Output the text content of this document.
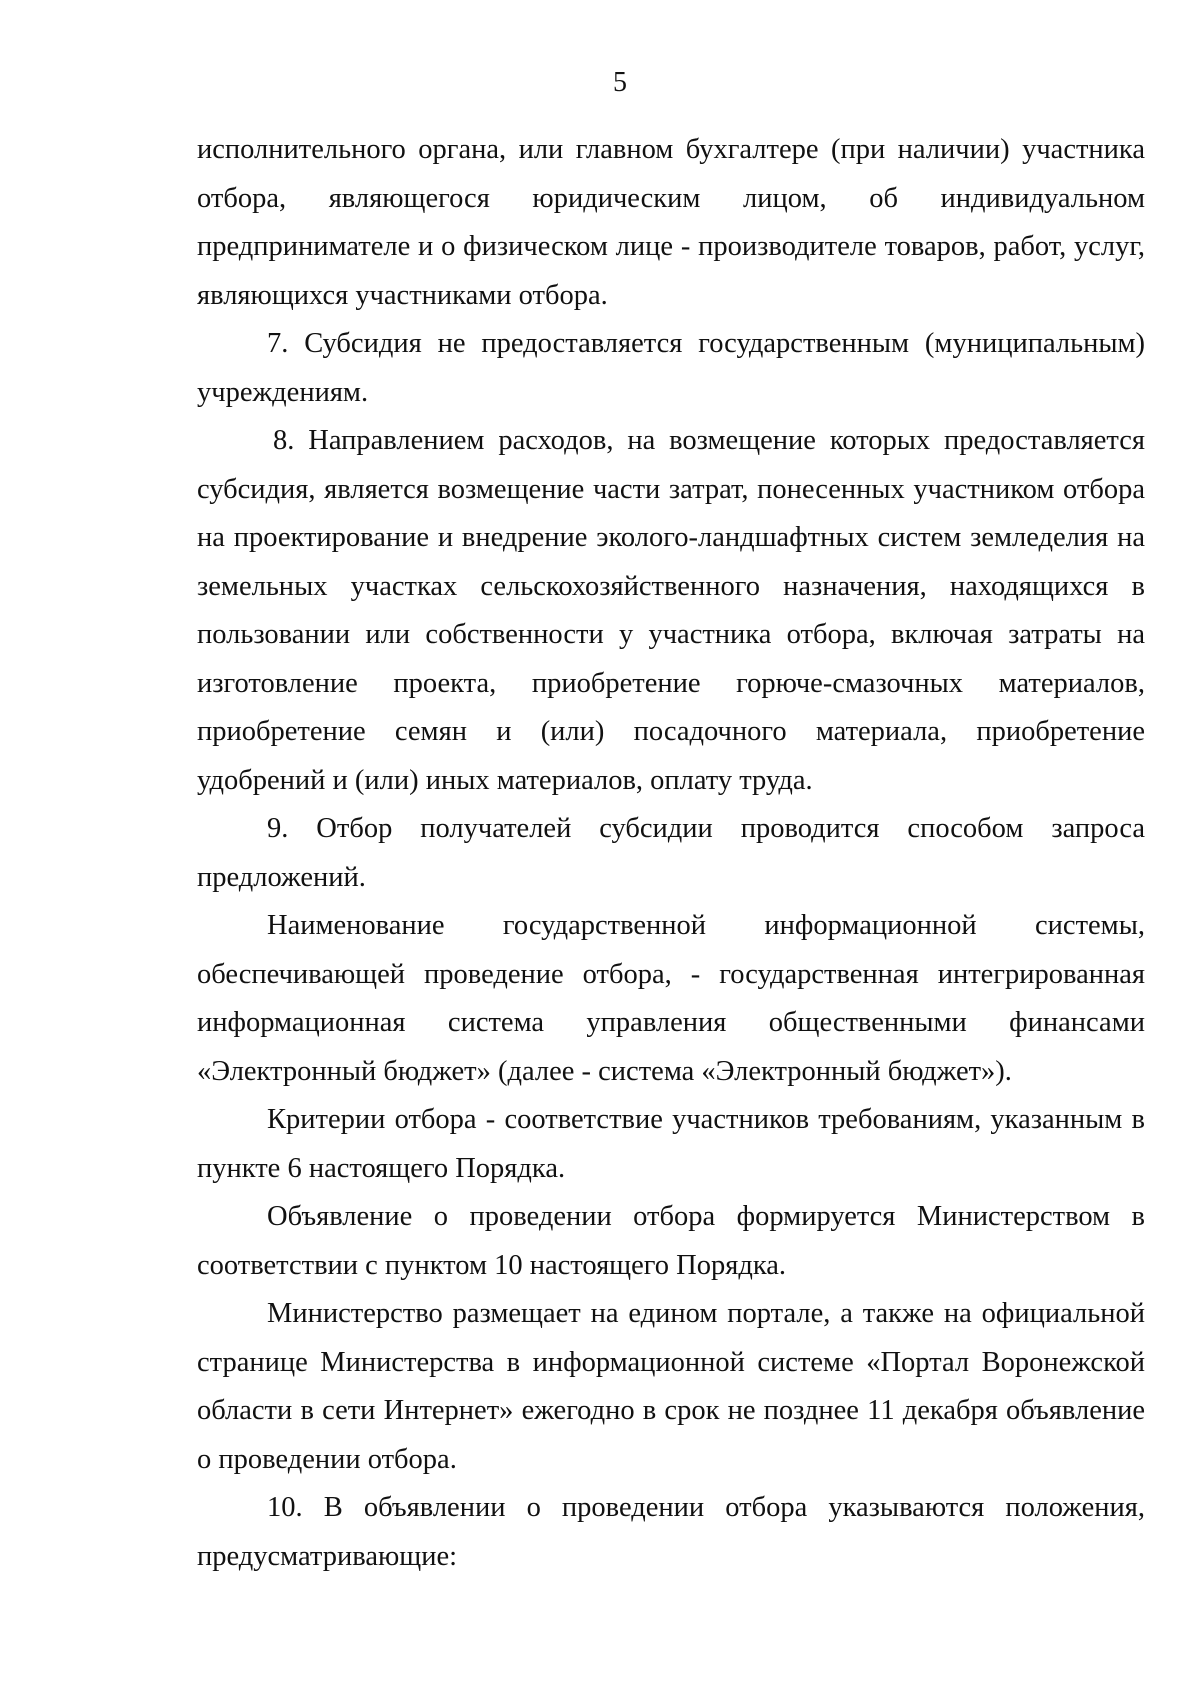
5

исполнительного органа, или главном бухгалтере (при наличии) участника отбора, являющегося юридическим лицом, об индивидуальном предпринимателе и о физическом лице - производителе товаров, работ, услуг, являющихся участниками отбора.

7. Субсидия не предоставляется государственным (муниципальным) учреждениям.

8. Направлением расходов, на возмещение которых предоставляется субсидия, является возмещение части затрат, понесенных участником отбора на проектирование и внедрение эколого-ландшафтных систем земледелия на земельных участках сельскохозяйственного назначения, находящихся в пользовании или собственности у участника отбора, включая затраты на изготовление проекта, приобретение горюче-смазочных материалов, приобретение семян и (или) посадочного материала, приобретение удобрений и (или) иных материалов, оплату труда.

9. Отбор получателей субсидии проводится способом запроса предложений.

Наименование государственной информационной системы, обеспечивающей проведение отбора, - государственная интегрированная информационная система управления общественными финансами «Электронный бюджет» (далее - система «Электронный бюджет»).

Критерии отбора - соответствие участников требованиям, указанным в пункте 6 настоящего Порядка.

Объявление о проведении отбора формируется Министерством в соответствии с пунктом 10 настоящего Порядка.

Министерство размещает на едином портале, а также на официальной странице Министерства в информационной системе «Портал Воронежской области в сети Интернет» ежегодно в срок не позднее 11 декабря объявление о проведении отбора.

10. В объявлении о проведении отбора указываются положения, предусматривающие:
